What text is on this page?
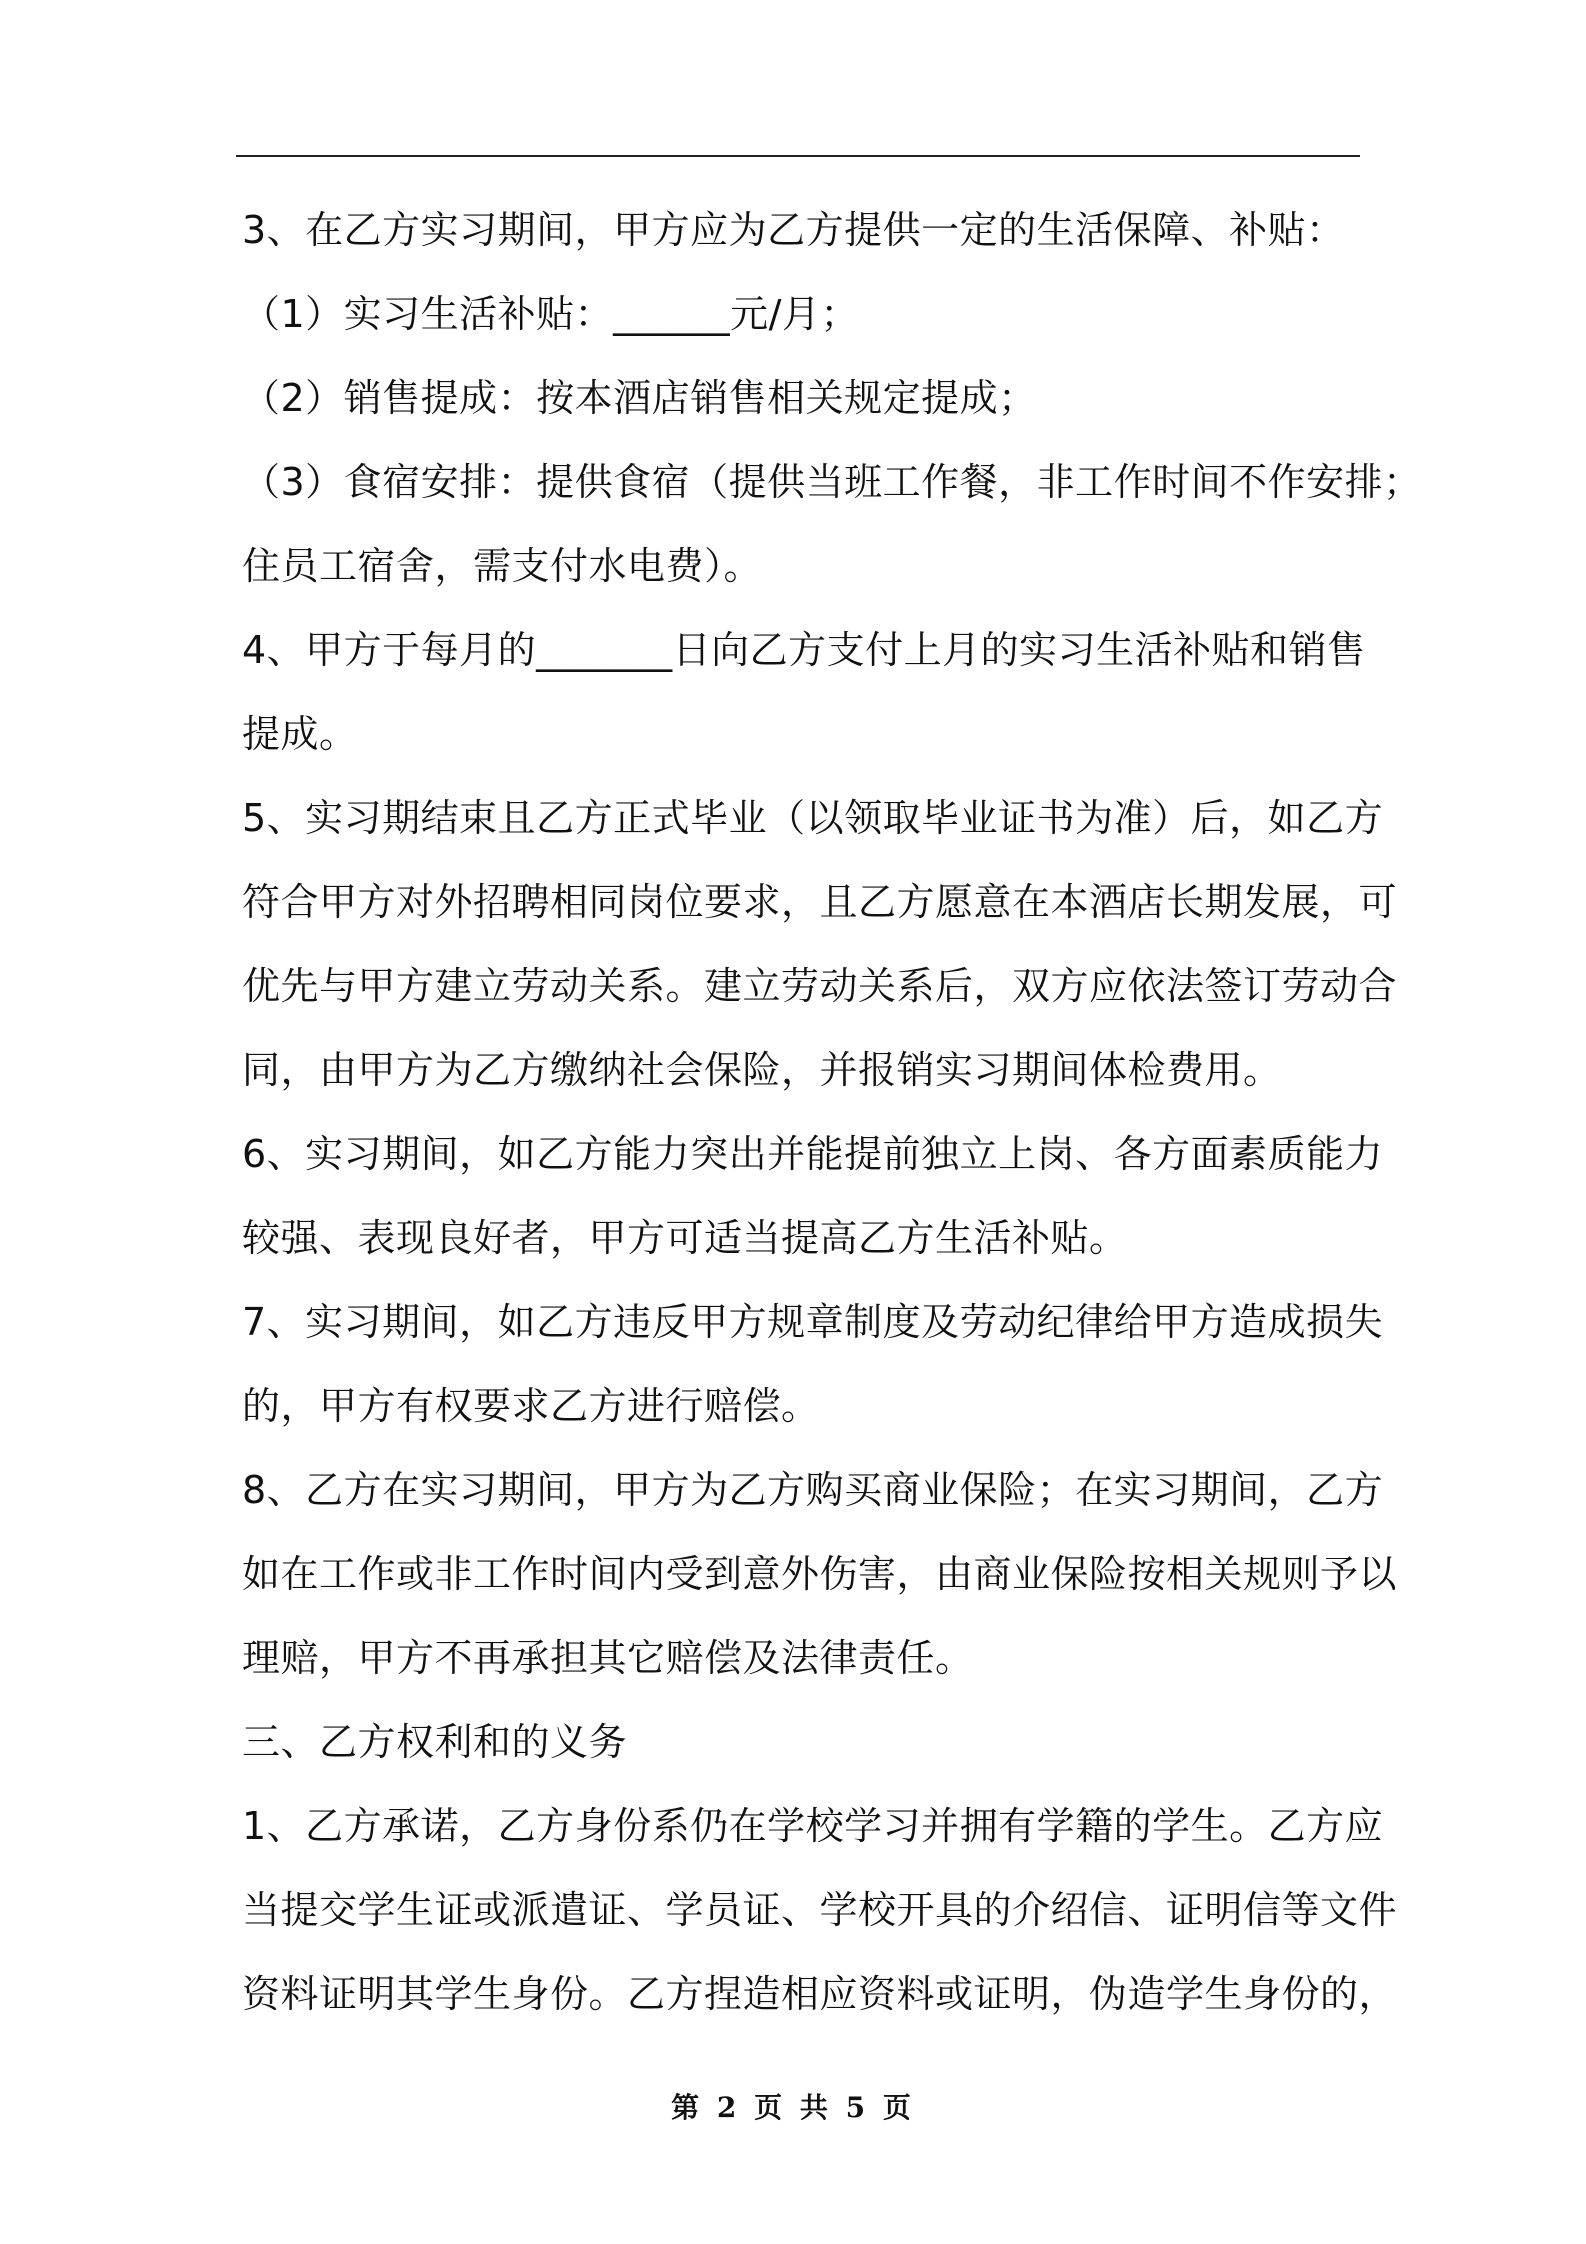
3、在乙方实习期间，甲方应为乙方提供一定的生活保障、补贴：
（1）实习生活补贴：______元/月；
（2）销售提成：按本酒店销售相关规定提成；
（3）食宿安排：提供食宿（提供当班工作餐，非工作时间不作安排；
住员工宿舍，需支付水电费）。
4、甲方于每月的_______日向乙方支付上月的实习生活补贴和销售
提成。
5、实习期结束且乙方正式毕业（以领取毕业证书为准）后，如乙方
符合甲方对外招聘相同岗位要求，且乙方愿意在本酒店长期发展，可
优先与甲方建立劳动关系。建立劳动关系后，双方应依法签订劳动合
同，由甲方为乙方缴纳社会保险，并报销实习期间体检费用。
6、实习期间，如乙方能力突出并能提前独立上岗、各方面素质能力
较强、表现良好者，甲方可适当提高乙方生活补贴。
7、实习期间，如乙方违反甲方规章制度及劳动纪律给甲方造成损失
的，甲方有权要求乙方进行赔偿。
8、乙方在实习期间，甲方为乙方购买商业保险；在实习期间，乙方
如在工作或非工作时间内受到意外伤害，由商业保险按相关规则予以
理赔，甲方不再承担其它赔偿及法律责任。
三、乙方权利和的义务
1、乙方承诺，乙方身份系仍在学校学习并拥有学籍的学生。乙方应
当提交学生证或派遣证、学员证、学校开具的介绍信、证明信等文件
资料证明其学生身份。乙方捏造相应资料或证明，伪造学生身份的，
第 2 页 共 5 页
